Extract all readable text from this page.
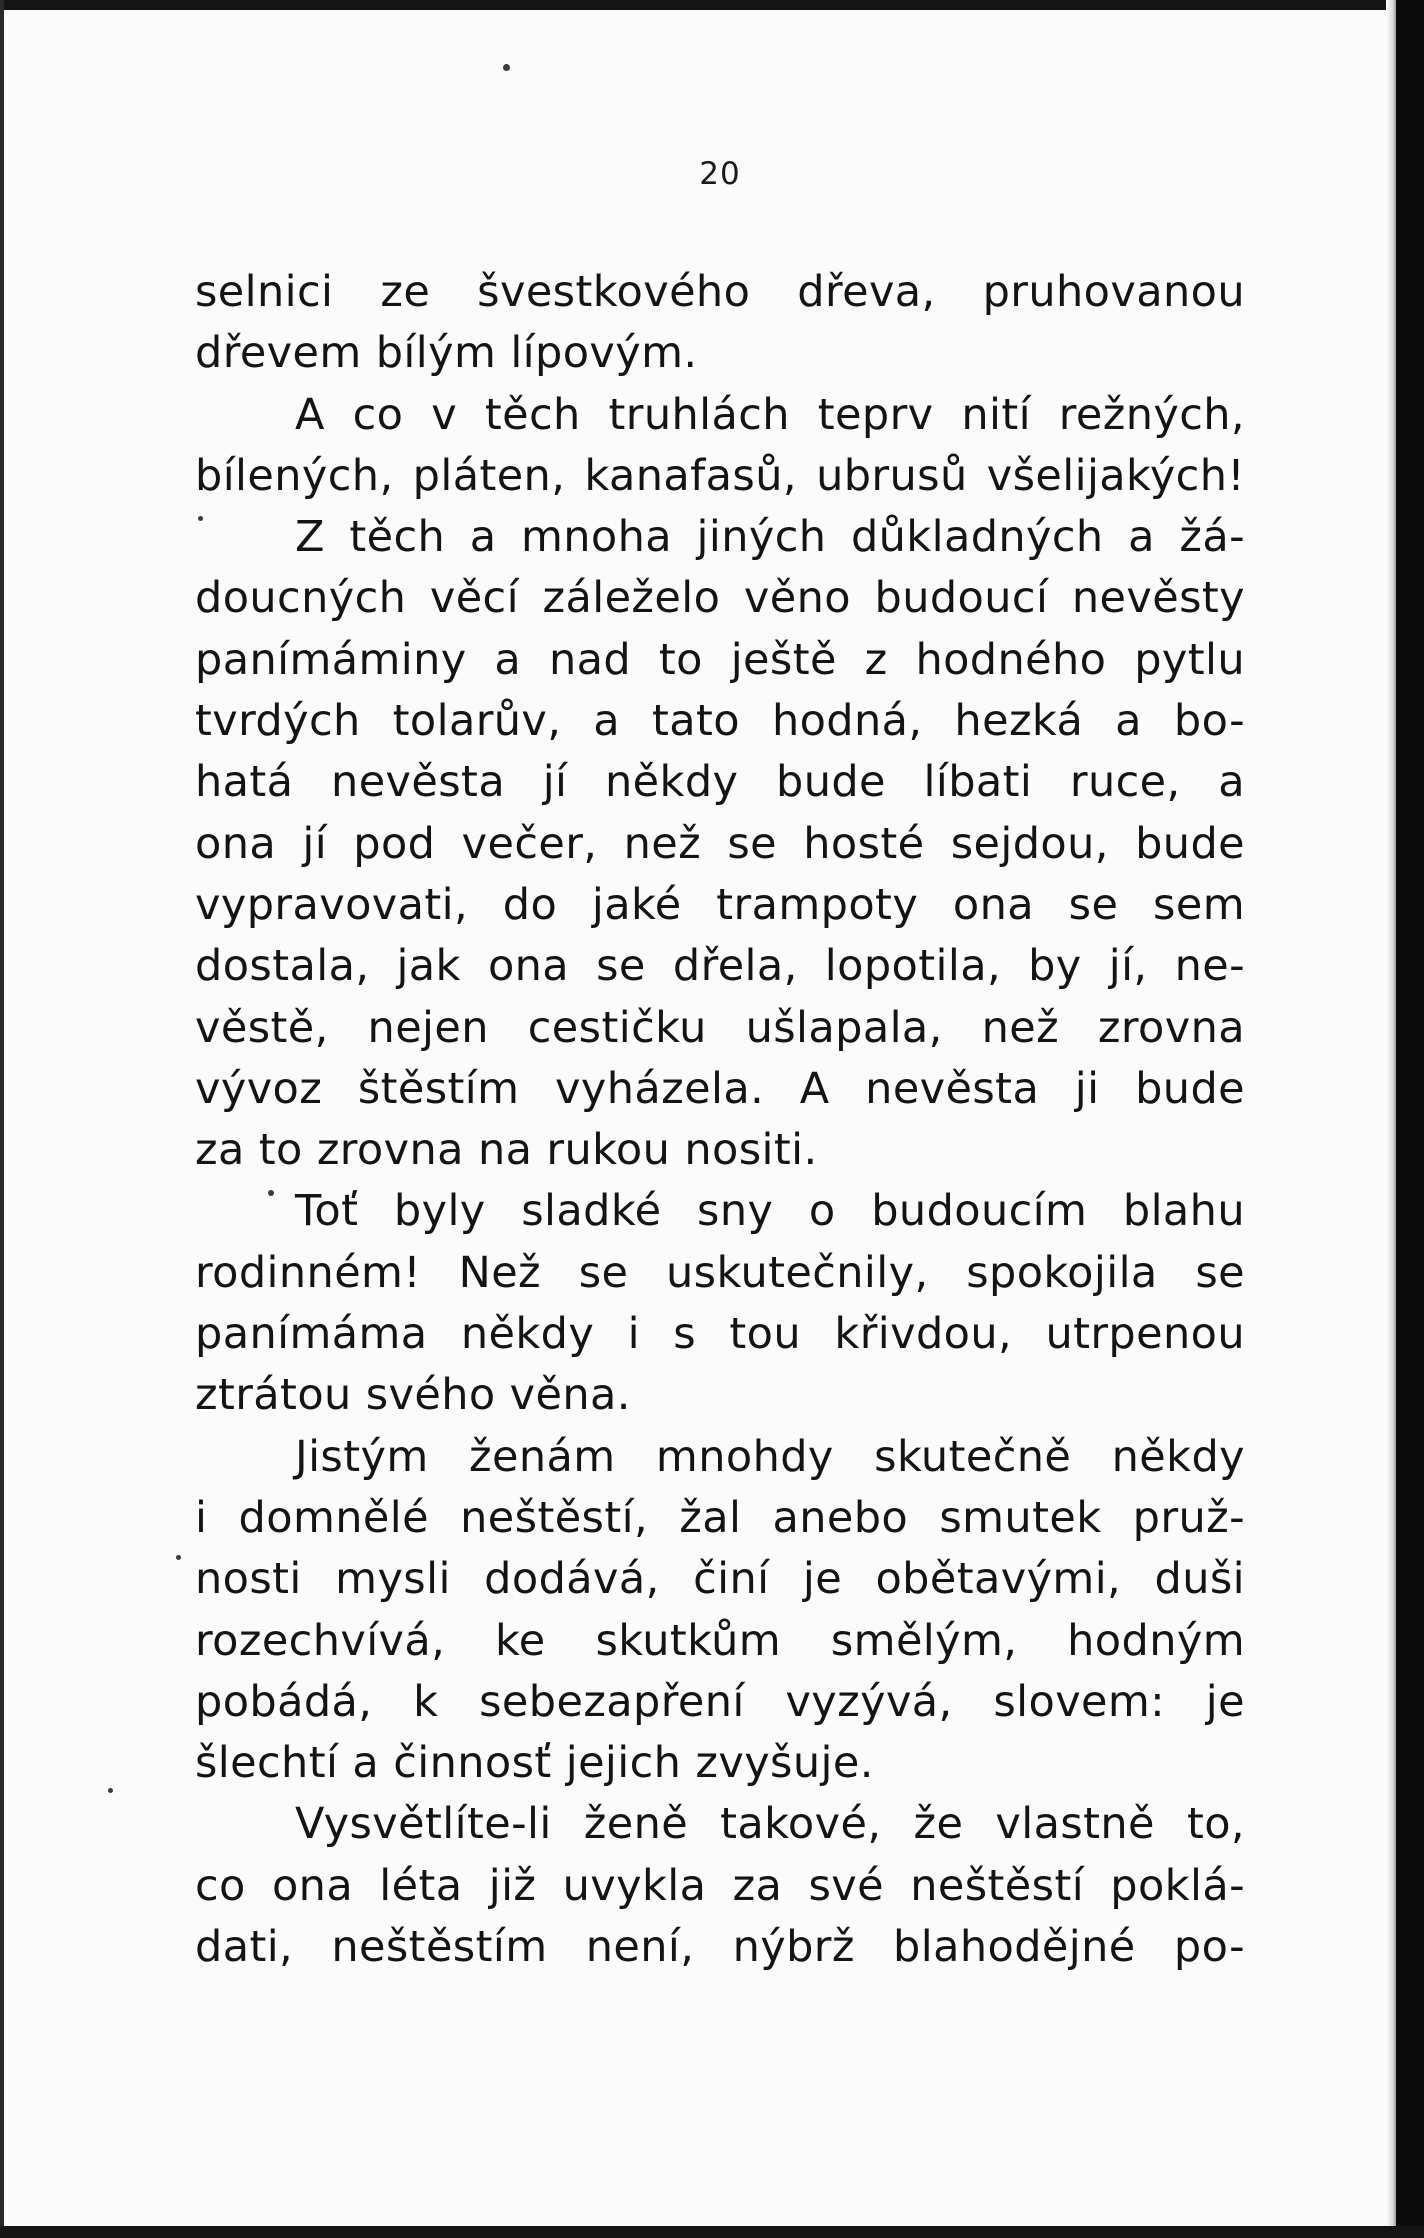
20
selnici ze švestkového dřeva, pruhovanou
dřevem bílým lípovým.
A co v těch truhlách teprv nití režných,
bílených, pláten, kanafasů, ubrusů všelijakých!
Z těch a mnoha jiných důkladných a žá-
doucných věcí záleželo věno budoucí nevěsty
panímáminy a nad to ještě z hodného pytlu
tvrdých tolarův, a tato hodná, hezká a bo-
hatá nevěsta jí někdy bude líbati ruce, a
ona jí pod večer, než se hosté sejdou, bude
vypravovati, do jaké trampoty ona se sem
dostala, jak ona se dřela, lopotila, by jí, ne-
věstě, nejen cestičku ušlapala, než zrovna
vývoz štěstím vyházela. A nevěsta ji bude
za to zrovna na rukou nositi.
Toť byly sladké sny o budoucím blahu
rodinném! Než se uskutečnily, spokojila se
panímáma někdy i s tou křivdou, utrpenou
ztrátou svého věna.
Jistým ženám mnohdy skutečně někdy
i domnělé neštěstí, žal anebo smutek pruž-
nosti mysli dodává, činí je obětavými, duši
rozechvívá, ke skutkům smělým, hodným
pobádá, k sebezapření vyzývá, slovem: je
šlechtí a činnosť jejich zvyšuje.
Vysvětlíte-li ženě takové, že vlastně to,
co ona léta již uvykla za své neštěstí poklá-
dati, neštěstím není, nýbrž blahodějné po-
